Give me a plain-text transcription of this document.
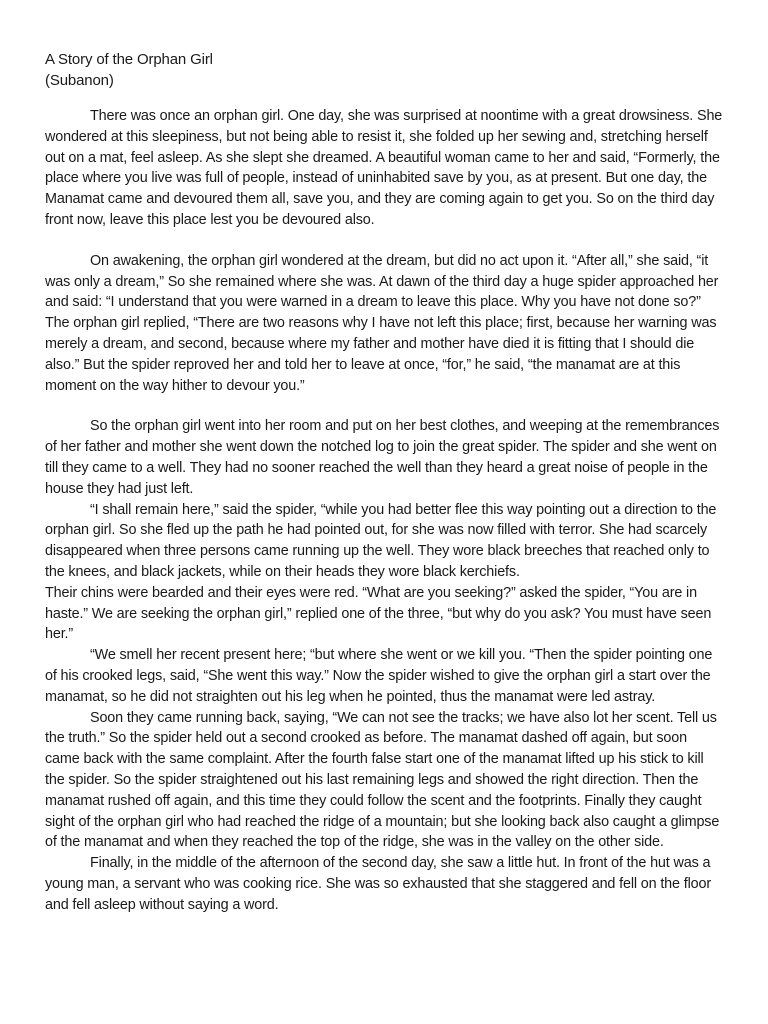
A Story of the Orphan Girl
(Subanon)

There was once an orphan girl. One day, she was surprised at noontime with a great drowsiness. She wondered at this sleepiness, but not being able to resist it, she folded up her sewing and, stretching herself out on a mat, feel asleep. As she slept she dreamed. A beautiful woman came to her and said, “Formerly, the place where you live was full of people, instead of uninhabited save by you, as at present. But one day, the Manamat came and devoured them all, save you, and they are coming again to get you. So on the third day front now, leave this place lest you be devoured also.

On awakening, the orphan girl wondered at the dream, but did no act upon it. “After all,” she said, “it was only a dream,” So she remained where she was. At dawn of the third day a huge spider approached her and said: “I understand that you were warned in a dream to leave this place. Why you have not done so?” The orphan girl replied, “There are two reasons why I have not left this place; first, because her warning was merely a dream, and second, because where my father and mother have died it is fitting that I should die also.” But the spider reproved her and told her to leave at once, “for,” he said, “the manamat are at this moment on the way hither to devour you.”

So the orphan girl went into her room and put on her best clothes, and weeping at the remembrances of her father and mother she went down the notched log to join the great spider. The spider and she went on till they came to a well. They had no sooner reached the well than they heard a great noise of people in the house they had just left.

“I shall remain here,” said the spider, “while you had better flee this way pointing out a direction to the orphan girl. So she fled up the path he had pointed out, for she was now filled with terror. She had scarcely disappeared when three persons came running up the well. They wore black breeches that reached only to the knees, and black jackets, while on their heads they wore black kerchiefs.

Their chins were bearded and their eyes were red. “What are you seeking?” asked the spider, “You are in haste.” We are seeking the orphan girl,” replied one of the three, “but why do you ask? You must have seen her.”

“We smell her recent present here; “but where she went or we kill you. “Then the spider pointing one of his crooked legs, said, “She went this way.” Now the spider wished to give the orphan girl a start over the manamat, so he did not straighten out his leg when he pointed, thus the manamat were led astray.

Soon they came running back, saying, “We can not see the tracks; we have also lot her scent. Tell us the truth.” So the spider held out a second crooked as before. The manamat dashed off again, but soon came back with the same complaint. After the fourth false start one of the manamat lifted up his stick to kill the spider. So the spider straightened out his last remaining legs and showed the right direction. Then the manamat rushed off again, and this time they could follow the scent and the footprints. Finally they caught sight of the orphan girl who had reached the ridge of a mountain; but she looking back also caught a glimpse of the manamat and when they reached the top of the ridge, she was in the valley on the other side.

Finally, in the middle of the afternoon of the second day, she saw a little hut. In front of the hut was a young man, a servant who was cooking rice. She was so exhausted that she staggered and fell on the floor and fell asleep without saying a word.
